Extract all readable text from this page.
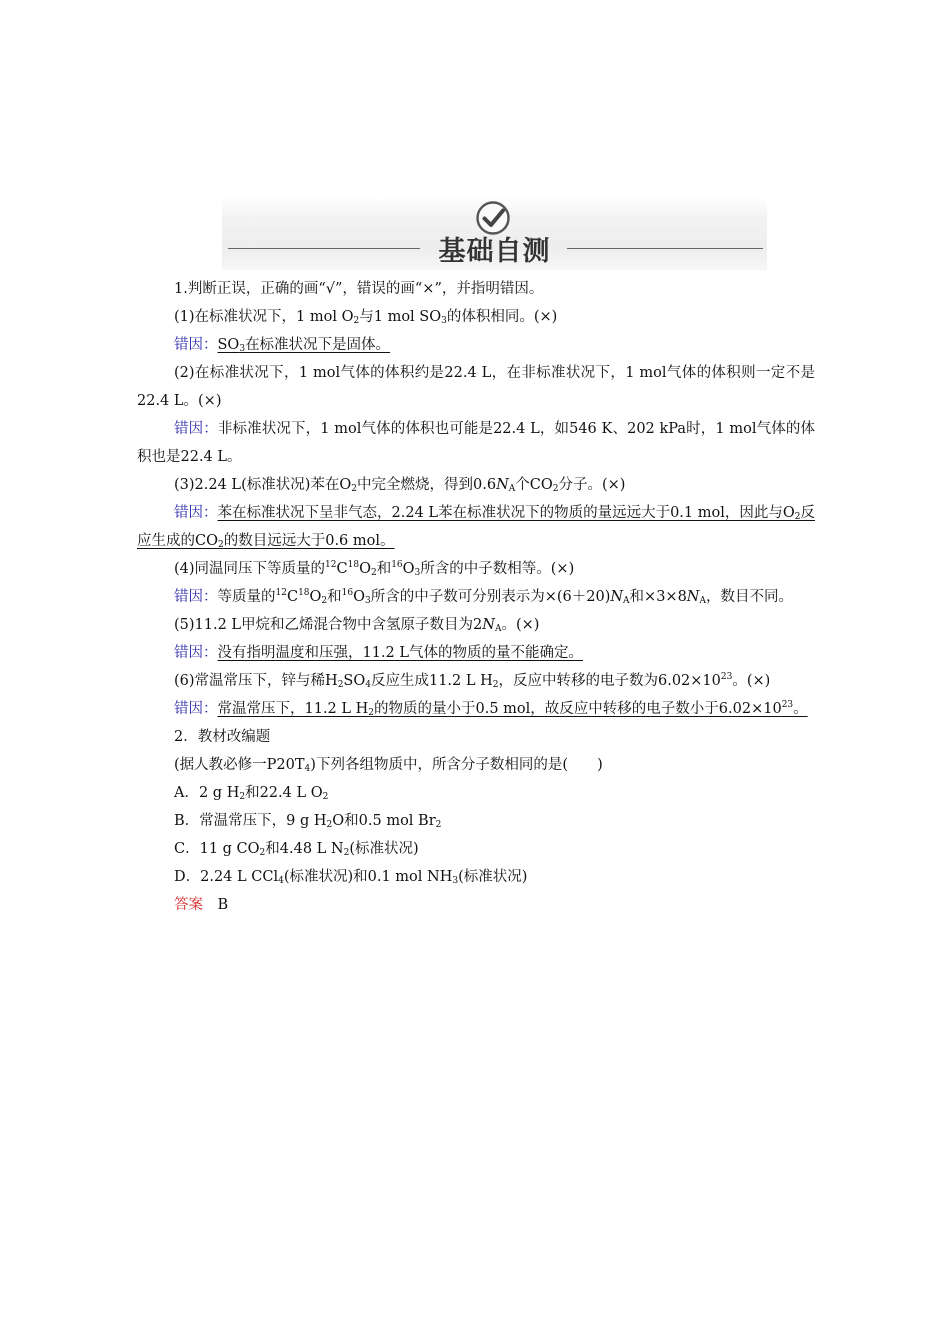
基础自测

1.判断正误，正确的画“√”，错误的画“×”，并指明错因。

(1)在标准状况下，1 mol $O_2$与1 mol $SO_3$的体积相同。(×)

错因：$SO_3$在标准状况下是固体。

(2)在标准状况下，1 mol气体的体积约是22.4 L，在非标准状况下，1 mol气体的体积则一定不是22.4 L。(×)

错因：非标准状况下，1 mol气体的体积也可能是22.4 L，如546 K、202 kPa时，1 mol气体的体积也是22.4 L。

(3)2.24 L(标准状况)苯在$O_2$中完全燃烧，得到$0.6N_A$个$CO_2$分子。(×)

错因：苯在标准状况下呈非气态，2.24 L苯在标准状况下的物质的量远远大于0.1 mol，因此与$O_2$反应生成的$CO_2$的数目远远大于0.6 mol。

(4)同温同压下等质量的$^{12}C^{18}O_2$和$^{16}O_3$所含的中子数相等。(×)

错因：等质量的$^{12}C^{18}O_2$和$^{16}O_3$所含的中子数可分别表示为$\times(6+20)N_A$和$\times 3\times 8N_A$，数目不同。

(5)11.2 L甲烷和乙烯混合物中含氢原子数目为$2N_A$。(×)

错因：没有指明温度和压强，11.2 L气体的物质的量不能确定。

(6)常温常压下，锌与稀$H_2SO_4$反应生成11.2 L $H_2$，反应中转移的电子数为$6.02\times 10^{23}$。(×)

错因：常温常压下，11.2 L $H_2$的物质的量小于0.5 mol，故反应中转移的电子数小于$6.02\times 10^{23}$。

2．教材改编题

(据人教必修一$P20T_4$)下列各组物质中，所含分子数相同的是(　　)

A．2 g $H_2$和22.4 L $O_2$

B．常温常压下，9 g $H_2O$和0.5 mol $Br_2$

C．11 g $CO_2$和4.48 L $N_2$(标准状况)

D．2.24 L CCl$_4$(标准状况)和0.1 mol $NH_3$(标准状况)

答案　 B
